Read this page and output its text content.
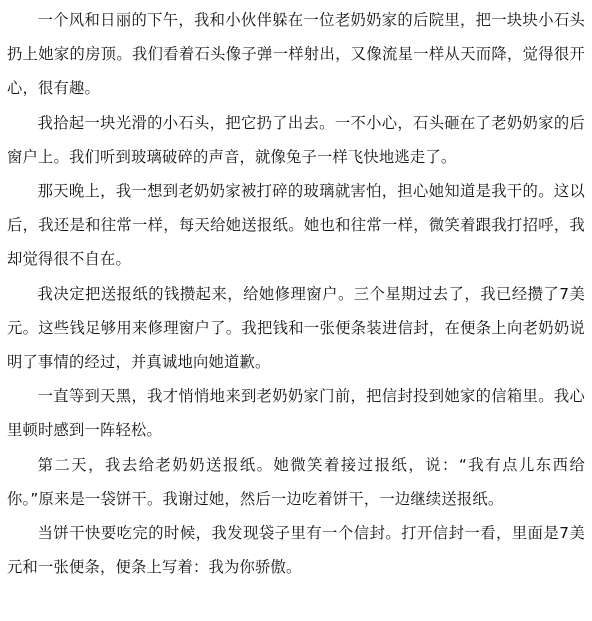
一个风和日丽的下午，我和小伙伴躲在一位老奶奶家的后院里，把一块块小石头扔上她家的房顶。我们看着石头像子弹一样射出，又像流星一样从天而降，觉得很开心，很有趣。

我拾起一块光滑的小石头，把它扔了出去。一不小心，石头砸在了老奶奶家的后窗户上。我们听到玻璃破碎的声音，就像兔子一样飞快地逃走了。

那天晚上，我一想到老奶奶家被打碎的玻璃就害怕，担心她知道是我干的。这以后，我还是和往常一样，每天给她送报纸。她也和往常一样，微笑着跟我打招呼，我却觉得很不自在。

我决定把送报纸的钱攒起来，给她修理窗户。三个星期过去了，我已经攒了7美元。这些钱足够用来修理窗户了。我把钱和一张便条装进信封，在便条上向老奶奶说明了事情的经过，并真诚地向她道歉。

一直等到天黑，我才悄悄地来到老奶奶家门前，把信封投到她家的信箱里。我心里顿时感到一阵轻松。

第二天，我去给老奶奶送报纸。她微笑着接过报纸，说：“我有点儿东西给你。”原来是一袋饼干。我谢过她，然后一边吃着饼干，一边继续送报纸。

当饼干快要吃完的时候，我发现袋子里有一个信封。打开信封一看，里面是7美元和一张便条，便条上写着：我为你骄傲。
